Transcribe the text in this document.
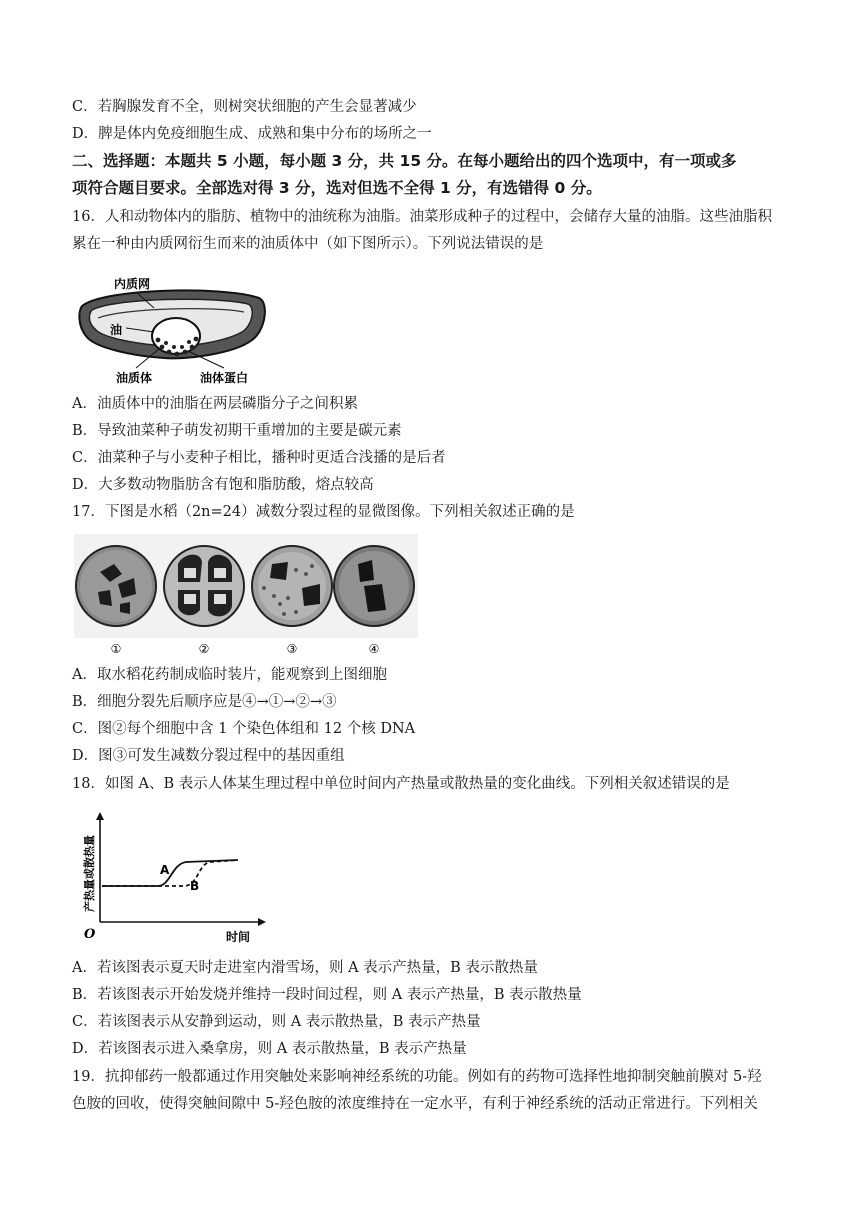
C．若胸腺发育不全，则树突状细胞的产生会显著减少
D．脾是体内免疫细胞生成、成熟和集中分布的场所之一
二、选择题：本题共 5 小题，每小题 3 分，共 15 分。在每小题给出的四个选项中，有一项或多
项符合题目要求。全部选对得 3 分，选对但选不全得 1 分，有选错得 0 分。
16．人和动物体内的脂肪、植物中的油统称为油脂。油菜形成种子的过程中，会储存大量的油脂。这些油脂积
累在一种由内质网衍生而来的油质体中（如下图所示）。下列说法错误的是
内质网
油
油质体	油体蛋白
A．油质体中的油脂在两层磷脂分子之间积累
B．导致油菜种子萌发初期干重增加的主要是碳元素
C．油菜种子与小麦种子相比，播种时更适合浅播的是后者
D．大多数动物脂肪含有饱和脂肪酸，熔点较高
17．下图是水稻（2n=24）减数分裂过程的显微图像。下列相关叙述正确的是
①	②	③	④
A．取水稻花药制成临时装片，能观察到上图细胞
B．细胞分裂先后顺序应是④→①→②→③
C．图②每个细胞中含 1 个染色体组和 12 个核 DNA
D．图③可发生减数分裂过程中的基因重组
18．如图 A、B 表示人体某生理过程中单位时间内产热量或散热量的变化曲线。下列相关叙述错误的是
A
B
O	时间
产热量或散热量
A．若该图表示夏天时走进室内滑雪场，则 A 表示产热量，B 表示散热量
B．若该图表示开始发烧并维持一段时间过程，则 A 表示产热量，B 表示散热量
C．若该图表示从安静到运动，则 A 表示散热量，B 表示产热量
D．若该图表示进入桑拿房，则 A 表示散热量，B 表示产热量
19．抗抑郁药一般都通过作用突触处来影响神经系统的功能。例如有的药物可选择性地抑制突触前膜对 5-羟
色胺的回收，使得突触间隙中 5-羟色胺的浓度维持在一定水平，有利于神经系统的活动正常进行。下列相关
